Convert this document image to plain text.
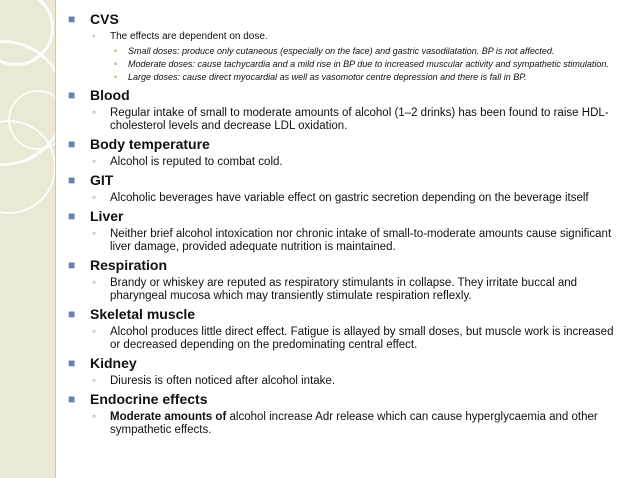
■ CVS
◦ The effects are dependent on dose.
• Small doses: produce only cutaneous (especially on the face) and gastric vasodilatation. BP is not affected.
• Moderate doses: cause tachycardia and a mild rise in BP due to increased muscular activity and sympathetic stimulation.
• Large doses: cause direct myocardial as well as vasomotor centre depression and there is fall in BP.
■ Blood
◦ Regular intake of small to moderate amounts of alcohol (1–2 drinks) has been found to raise HDL-cholesterol levels and decrease LDL oxidation.
■ Body temperature
◦ Alcohol is reputed to combat cold.
■ GIT
◦ Alcoholic beverages have variable effect on gastric secretion depending on the beverage itself
■ Liver
◦ Neither brief alcohol intoxication nor chronic intake of small-to-moderate amounts cause significant liver damage, provided adequate nutrition is maintained.
■ Respiration
◦ Brandy or whiskey are reputed as respiratory stimulants in collapse. They irritate buccal and pharyngeal mucosa which may transiently stimulate respiration reflexly.
■ Skeletal muscle
◦ Alcohol produces little direct effect. Fatigue is allayed by small doses, but muscle work is increased or decreased depending on the predominating central effect.
■ Kidney
◦ Diuresis is often noticed after alcohol intake.
■ Endocrine effects
◦ Moderate amounts of alcohol increase Adr release which can cause hyperglycaemia and other sympathetic effects.
